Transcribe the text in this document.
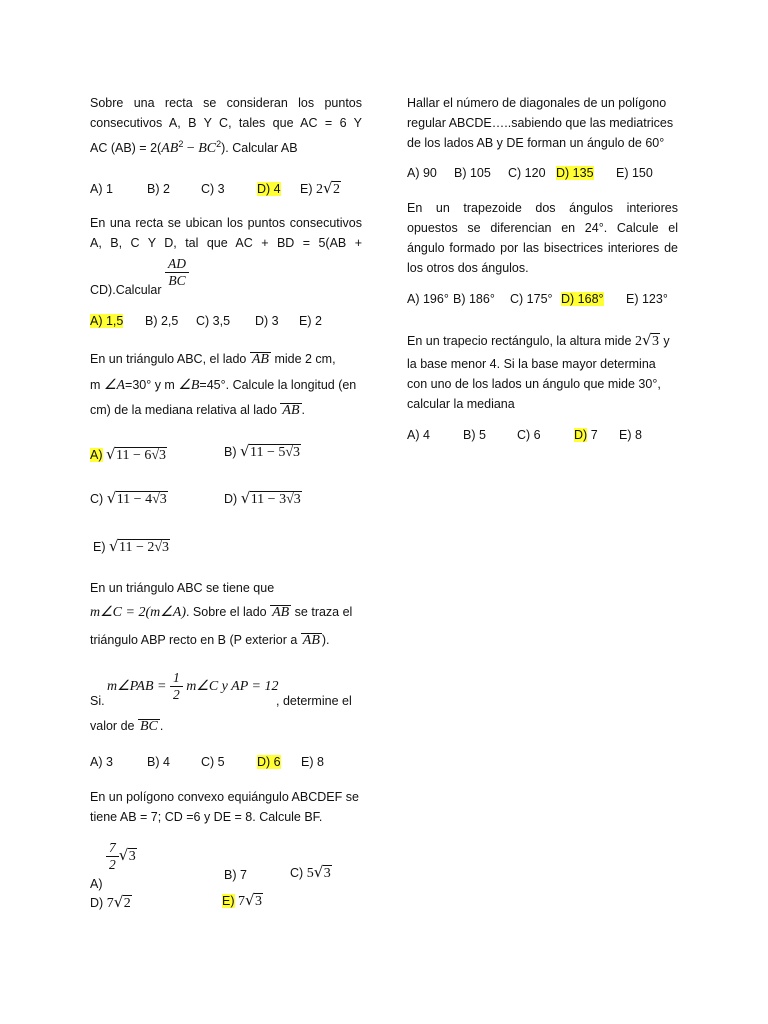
Sobre una recta se consideran los puntos
consecutivos A, B Y C, tales que AC = 6 Y
AC $(AB) = 2(AB^2 - BC^2)$. Calcular AB
A) 1	B) 2 C) 3	D) 4 E) 2 √ 2
En una recta se ubican los puntos consecutivos
A, B, C Y D, tal que AC + BD = 5(AB +
$\frac{AD}{BC}$
CD).Calcular
A) 1,5 B) 2,5 C) 3,5 D) 3 E) 2
En un triángulo ABC, el lado AB mide 2 cm,
m ∠A=30° y m ∠B=45°. Calcule la longitud (en
cm) de la mediana relativa al lado AB .
A) √ 11 − 6√3	B) √ 11 − 5√3
C) √ 11 − 4√3	D) √ 11 − 3√3
E) √ 11 − 2√3
En un triángulo ABC se tiene que
m∠C = 2(m∠A). Sobre el lado AB se traza el
triángulo ABP recto en B (P exterior a AB ).
m∠PAB = $\frac{1}{2}$ m∠C y AP = 12
Si.	, determine el
valor de BC .
A) 3	B) 4 C) 5	D) 6 E) 8
En un polígono convexo equiángulo ABCDEF se
tiene AB = 7; CD =6 y DE = 8. Calcule BF.
A)
$\frac{7}{2}$ √ 3
B) 7	C) 5 √ 3
D) 7 √ 2	E) 7 √ 3
Hallar el número de diagonales de un polígono
regular ABCDE…..sabiendo que las mediatrices
de los lados AB y DE forman un ángulo de 60°
A) 90 B) 105 C) 120 D) 135 E) 150
En un trapezoide dos ángulos interiores
opuestos se diferencian en 24°. Calcule el
ángulo formado por las bisectrices interiores de
los otros dos ángulos.
A) 196° B) 186° C) 175° D) 168° E) 123°
En un trapecio rectángulo, la altura mide 2 √ 3 y
la base menor 4. Si la base mayor determina
con uno de los lados un ángulo que mide 30°,
calcular la mediana
A) 4	B) 5 C) 6	D) 7 E) 8
